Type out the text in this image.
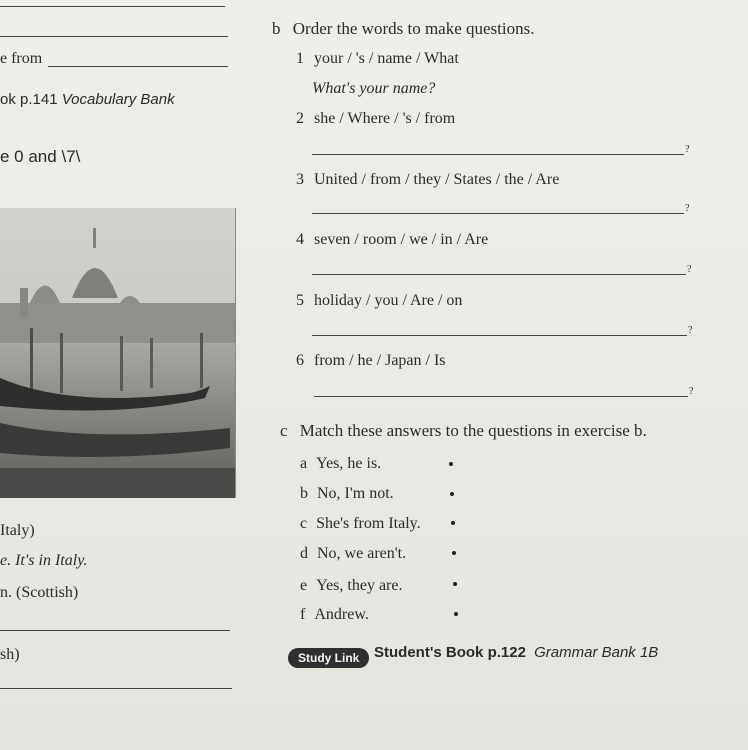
e from
ok p.141 Vocabulary Bank
e 0 and \7\
Italy)
e. It's in Italy.
n. (Scottish)
sh)
b Order the words to make questions.
1 your / 's / name / What
What's your name?
2 she / Where / 's / from
?
3 United / from / they / States / the / Are
?
4 seven / room / we / in / Are
?
5 holiday / you / Are / on
?
6 from / he / Japan / Is
?
c Match these answers to the questions in exercise b.
a Yes, he is.
b No, I'm not.
c She's from Italy.
d No, we aren't.
e Yes, they are.
f Andrew.
Study Link Student's Book p.122 Grammar Bank 1B
